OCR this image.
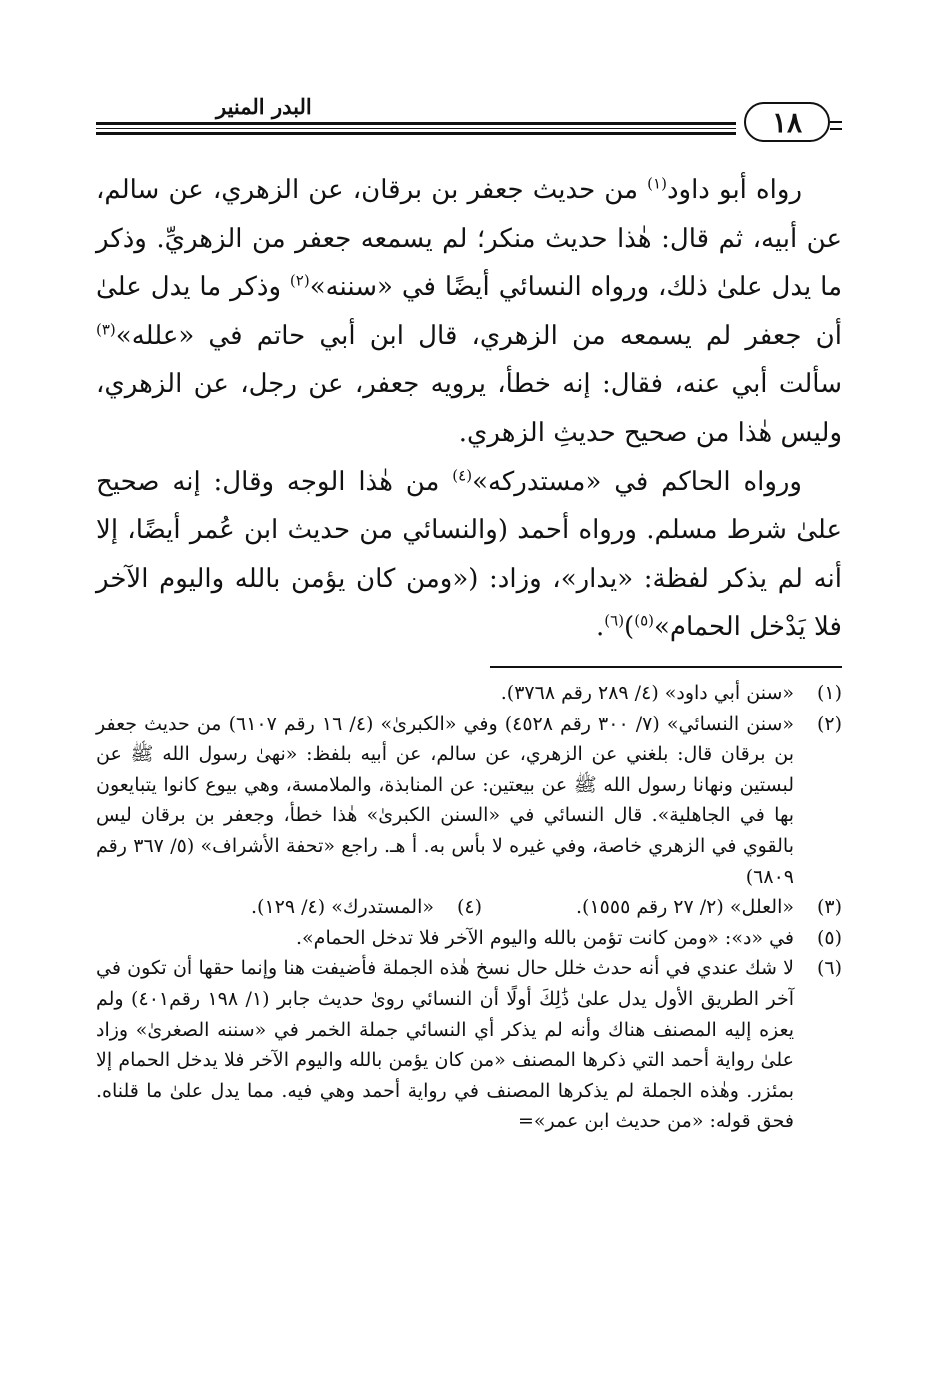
البدر المنير	١٨

رواه أبو داود$^{(١)}$ من حديث جعفر بن برقان، عن الزهري، عن سالم، عن أبيه، ثم قال: هٰذا حديث منكر؛ لم يسمعه جعفر من الزهريِّ. وذكر ما يدل علىٰ ذلك، ورواه النسائي أيضًا في «سننه»$^{(٢)}$ وذكر ما يدل علىٰ أن جعفر لم يسمعه من الزهري، قال ابن أبي حاتم في «علله»$^{(٣)}$ سألت أبي عنه، فقال: إنه خطأ، يرويه جعفر، عن رجل، عن الزهري، وليس هٰذا من صحيح حديثِ الزهري.

ورواه الحاكم في «مستدركه»$^{(٤)}$ من هٰذا الوجه وقال: إنه صحيح علىٰ شرط مسلم. ورواه أحمد (والنسائي من حديث ابن عُمر أيضًا، إلا أنه لم يذكر لفظة: «يدار»، وزاد: («ومن كان يؤمن بالله واليوم الآخر فلا يَدْخل الحمام»$^{(٥)}$)$^{(٦)}$.

(١)
«سنن أبي داود» (٤/ ٢٨٩ رقم ٣٧٦٨).
(٢)
«سنن النسائي» (٧/ ٣٠٠ رقم ٤٥٢٨) وفي «الكبرىٰ» (٤/ ١٦ رقم ٦١٠٧) من حديث جعفر بن برقان قال: بلغني عن الزهري، عن سالم، عن أبيه بلفظ: «نهىٰ رسول الله ﷺ عن لبستين ونهانا رسول الله ﷺ عن بيعتين: عن المنابذة، والملامسة، وهي بيوع كانوا يتبايعون بها في الجاهلية». قال النسائي في «السنن الكبرىٰ» هٰذا خطأ، وجعفر بن برقان ليس بالقوي في الزهري خاصة، وفي غيره لا بأس به. أ هـ. راجع «تحفة الأشراف» (٥/ ٣٦٧ رقم ٦٨٠٩)
(٣)
«العلل» (٢/ ٢٧ رقم ١٥٥٥).
(٤)
«المستدرك» (٤/ ١٢٩).
(٥)
في «د»: «ومن كانت تؤمن بالله واليوم الآخر فلا تدخل الحمام».
(٦)
لا شك عندي في أنه حدث خلل حال نسخ هٰذه الجملة فأضيفت هنا وإنما حقها أن تكون في آخر الطريق الأول يدل علىٰ ذَٰلِكَ أولًا أن النسائي روىٰ حديث جابر (١/ ١٩٨ رقم٤٠١) ولم يعزه إليه المصنف هناك وأنه لم يذكر أي النسائي جملة الخمر في «سننه الصغرىٰ» وزاد علىٰ رواية أحمد التي ذكرها المصنف «من كان يؤمن بالله واليوم الآخر فلا يدخل الحمام إلا بمئزر. وهٰذه الجملة لم يذكرها المصنف في رواية أحمد وهي فيه. مما يدل علىٰ ما قلناه. فحق قوله: «من حديث ابن عمر»=
